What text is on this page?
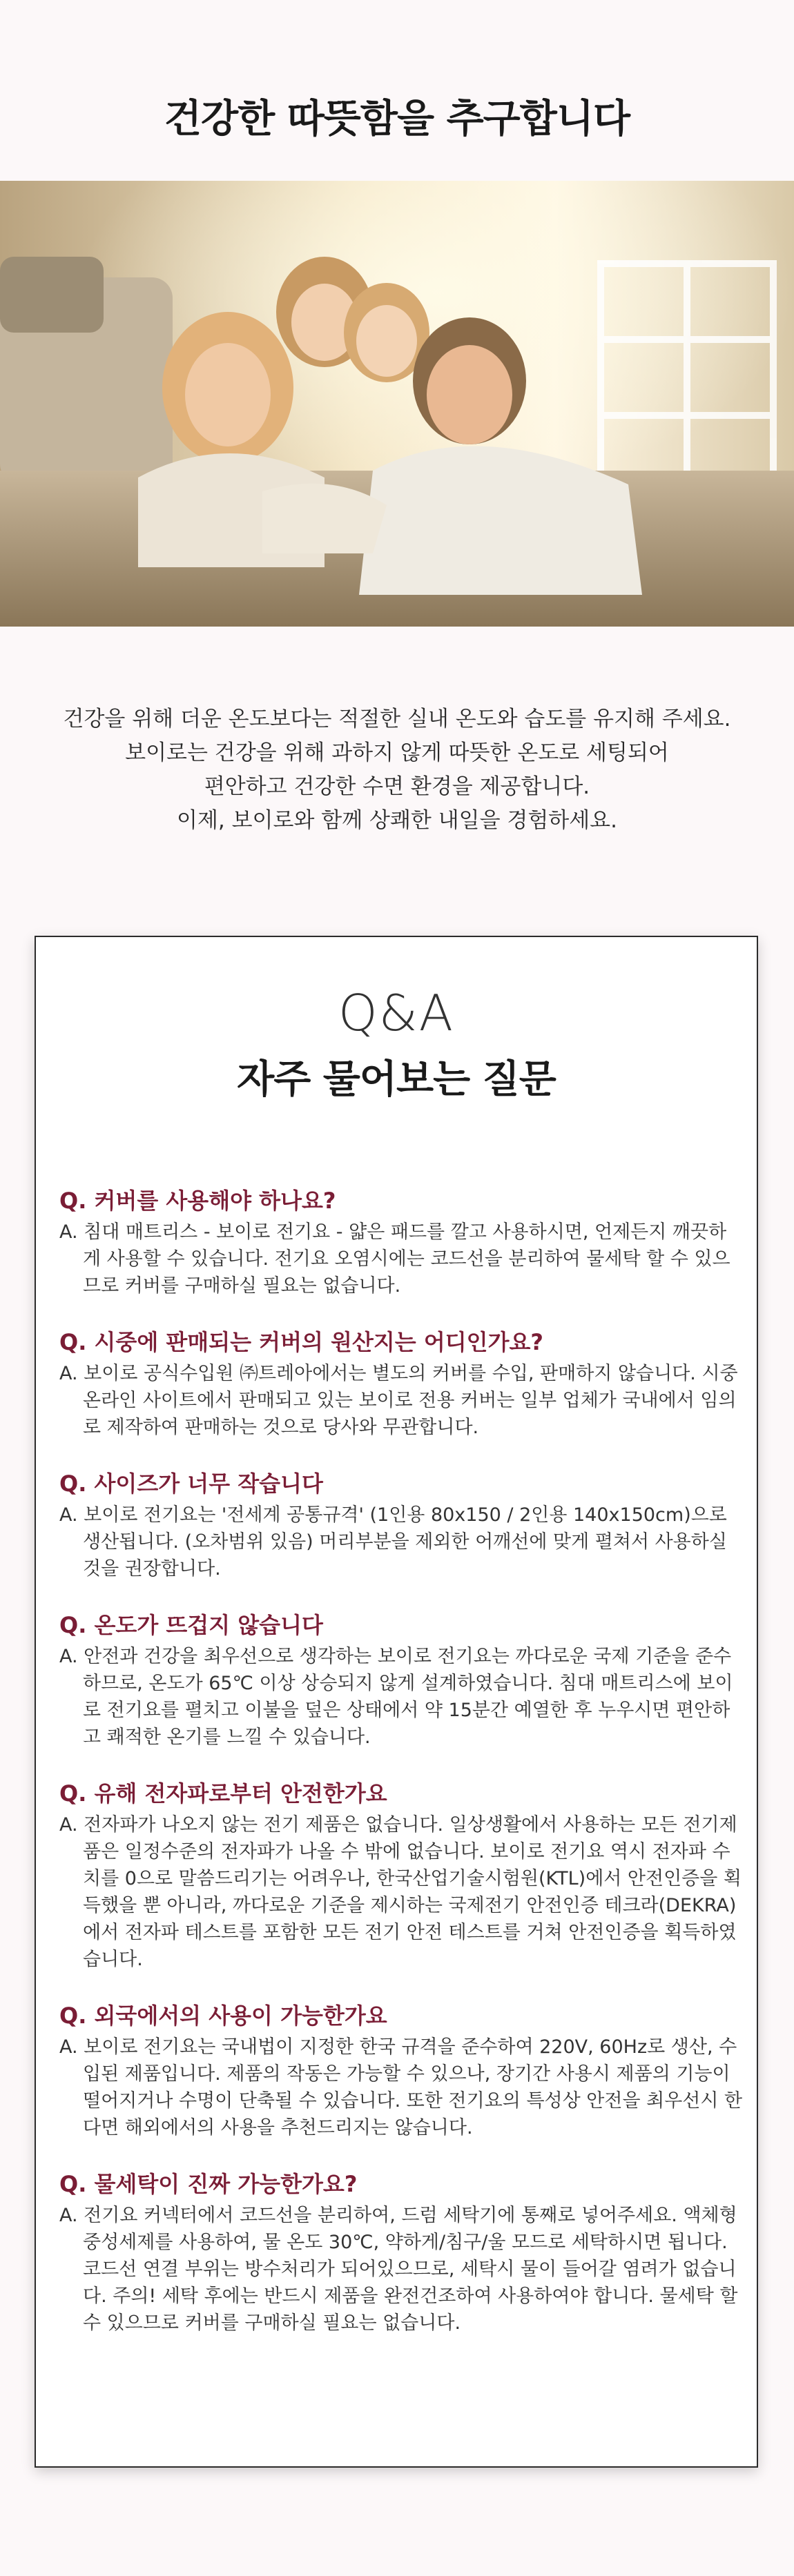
건강한 따뜻함을 추구합니다

건강을 위해 더운 온도보다는 적절한 실내 온도와 습도를 유지해 주세요.

보이로는 건강을 위해 과하지 않게 따뜻한 온도로 세팅되어

편안하고 건강한 수면 환경을 제공합니다.

이제, 보이로와 함께 상쾌한 내일을 경험하세요.

Q&A
자주 물어보는 질문

Q. 커버를 사용해야 하나요?

A. 침대 매트리스 - 보이로 전기요 - 얇은 패드를 깔고 사용하시면, 언제든지 깨끗하게 사용할 수 있습니다. 전기요 오염시에는 코드선을 분리하여 물세탁 할 수 있으므로 커버를 구매하실 필요는 없습니다.

Q. 시중에 판매되는 커버의 원산지는 어디인가요?

A. 보이로 공식수입원 ㈜트레아에서는 별도의 커버를 수입, 판매하지 않습니다. 시중 온라인 사이트에서 판매되고 있는 보이로 전용 커버는 일부 업체가 국내에서 임의로 제작하여 판매하는 것으로 당사와 무관합니다.

Q. 사이즈가 너무 작습니다

A. 보이로 전기요는 '전세계 공통규격' (1인용 80x150 / 2인용 140x150cm)으로 생산됩니다. (오차범위 있음) 머리부분을 제외한 어깨선에 맞게 펼쳐서 사용하실것을 권장합니다.

Q. 온도가 뜨겁지 않습니다

A. 안전과 건강을 최우선으로 생각하는 보이로 전기요는 까다로운 국제 기준을 준수하므로, 온도가 65℃ 이상 상승되지 않게 설계하였습니다. 침대 매트리스에 보이로 전기요를 펼치고 이불을 덮은 상태에서 약 15분간 예열한 후 누우시면 편안하고 쾌적한 온기를 느낄 수 있습니다.

Q. 유해 전자파로부터 안전한가요

A. 전자파가 나오지 않는 전기 제품은 없습니다. 일상생활에서 사용하는 모든 전기제품은 일정수준의 전자파가 나올 수 밖에 없습니다. 보이로 전기요 역시 전자파 수치를 0으로 말씀드리기는 어려우나, 한국산업기술시험원(KTL)에서 안전인증을 획득했을 뿐 아니라, 까다로운 기준을 제시하는 국제전기 안전인증 테크라(DEKRA)에서 전자파 테스트를 포함한 모든 전기 안전 테스트를 거쳐 안전인증을 획득하였습니다.

Q. 외국에서의 사용이 가능한가요

A. 보이로 전기요는 국내법이 지정한 한국 규격을 준수하여 220V, 60Hz로 생산, 수입된 제품입니다. 제품의 작동은 가능할 수 있으나, 장기간 사용시 제품의 기능이 떨어지거나 수명이 단축될 수 있습니다. 또한 전기요의 특성상 안전을 최우선시 한다면 해외에서의 사용을 추천드리지는 않습니다.

Q. 물세탁이 진짜 가능한가요?

A. 전기요 커넥터에서 코드선을 분리하여, 드럼 세탁기에 통째로 넣어주세요. 액체형 중성세제를 사용하여, 물 온도 30℃, 약하게/침구/울 모드로 세탁하시면 됩니다. 코드선 연결 부위는 방수처리가 되어있으므로, 세탁시 물이 들어갈 염려가 없습니다. 주의! 세탁 후에는 반드시 제품을 완전건조하여 사용하여야 합니다. 물세탁 할 수 있으므로 커버를 구매하실 필요는 없습니다.
